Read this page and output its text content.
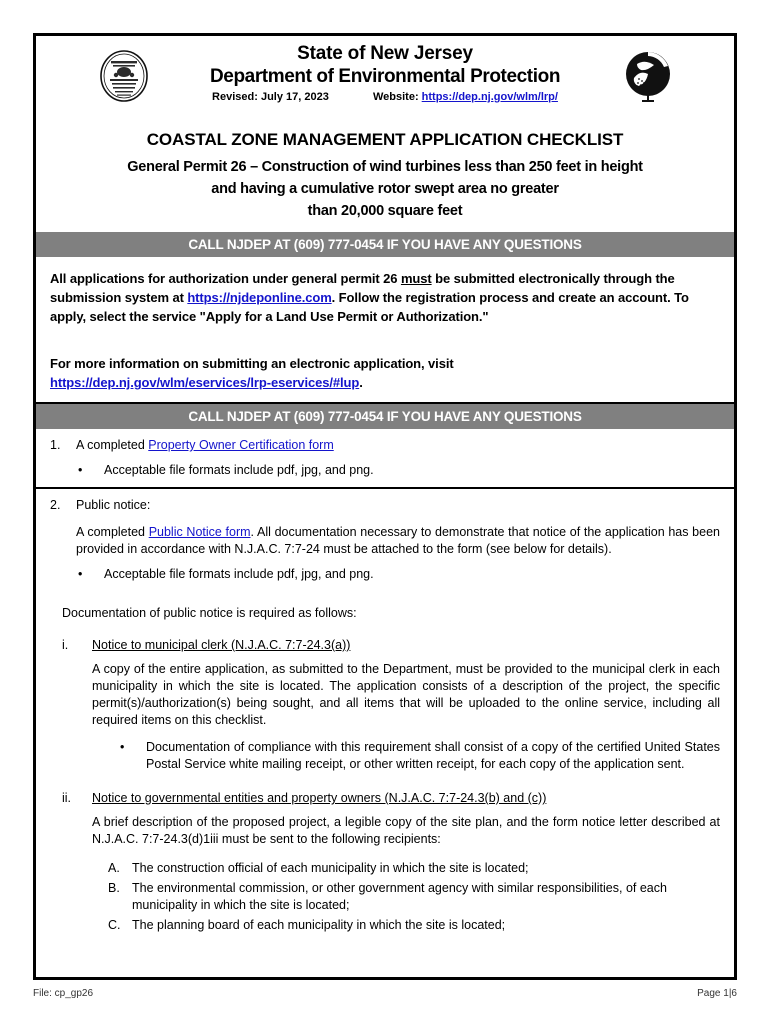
State of New Jersey
Department of Environmental Protection
Revised: July 17, 2023	Website: https://dep.nj.gov/wlm/lrp/
COASTAL ZONE MANAGEMENT APPLICATION CHECKLIST
General Permit 26 – Construction of wind turbines less than 250 feet in height
and having a cumulative rotor swept area no greater
than 20,000 square feet
CALL NJDEP AT (609) 777-0454 IF YOU HAVE ANY QUESTIONS

All applications for authorization under general permit 26 must be submitted electronically through the submission system at https://njdeponline.com. Follow the registration process and create an account. To apply, select the service "Apply for a Land Use Permit or Authorization."

For more information on submitting an electronic application, visit
https://dep.nj.gov/wlm/eservices/lrp-eservices/#lup.

CALL NJDEP AT (609) 777-0454 IF YOU HAVE ANY QUESTIONS
1.	A completed Property Owner Certification form
•	Acceptable file formats include pdf, jpg, and png.
2.	Public notice:
A completed Public Notice form. All documentation necessary to demonstrate that notice of the application has been provided in accordance with N.J.A.C. 7:7-24 must be attached to the form (see below for details).
•	Acceptable file formats include pdf, jpg, and png.
Documentation of public notice is required as follows:
i.	Notice to municipal clerk (N.J.A.C. 7:7-24.3(a))
A copy of the entire application, as submitted to the Department, must be provided to the municipal clerk in each municipality in which the site is located. The application consists of a description of the project, the specific permit(s)/authorization(s) being sought, and all items that will be uploaded to the online service, including all required items on this checklist.
•	Documentation of compliance with this requirement shall consist of a copy of the certified United States Postal Service white mailing receipt, or other written receipt, for each copy of the application sent.
ii.	Notice to governmental entities and property owners (N.J.A.C. 7:7-24.3(b) and (c))
A brief description of the proposed project, a legible copy of the site plan, and the form notice letter described at N.J.A.C. 7:7-24.3(d)1iii must be sent to the following recipients:
A. The construction official of each municipality in which the site is located;
B. The environmental commission, or other government agency with similar responsibilities, of each municipality in which the site is located;
C. The planning board of each municipality in which the site is located;
File: cp_gp26	Page 1|6
